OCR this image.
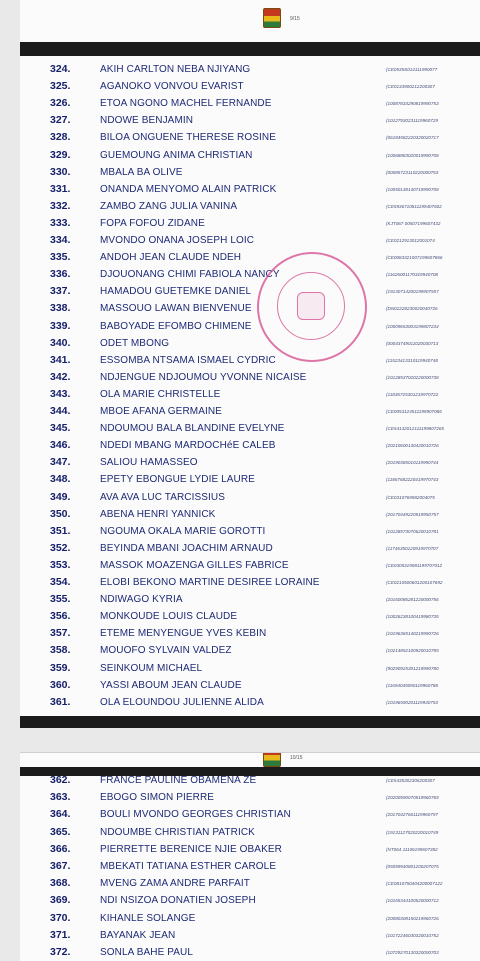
9/15
324.	AKIH CARLTON NEBA NJIYANG	(CE0535S014111990077
325.	AGANOKO VONVOU EVARIST	(CE0133900212200307
326.	ETOA NGONO MACHEL FERNANDE	(10087834290819990753
327.	NDOWE BENJAMIN	(10127930231119960729
328.	BILOA ONGUENE THERESE ROSINE	(06184582220320020717
329.	GUEMOUNG ANIMA CHRISTIAN	(10068883020019990708
330.	MBALA BA OLIVE	(00085723110220000753
331.	ONANDA MENYOMO ALAIN PATRICK	(10050138140719990708
332.	ZAMBO ZANG JULIA VANINA	(CE5936710811199407602
333.	FOPA FOFOU ZIDANE	(KJT067 00507199607432
334.	MVONDO ONANA JOSEPH LOIC	(CE0212913012001074
335.	ANDOH JEAN CLAUDE NDEH	(CE0083321007199607866
336.	DJOUONANG CHIMI FABIOLA NANCY	(11626001170319940708
337.	HAMADOU GUETEMKE DANIEL	(19130714200199907557
338.	MASSOUO LAWAN BIENVENUE	(DN02228230020040726
339.	BABOYADE EFOMBO CHIMENE	(10009653003199807234
340.	ODET MBONG	(00043749011020030713
341.	ESSOMBA NTSAMA ISMAEL CYDRIC	(11523413310119940748
342.	NDJENGUE NDJOUMOU YVONNE NICAISE	(10128537020220000738
343.	OLA MARIE CHRISTELLE	(11836725301219970722
344.	MBOE AFANA GERMAINE	(CE0053124511199907086
345.	NDOUMOU BALA BLANDINE EVELYNE	(CE54132012111199807265
346.	NDEDI MBANG MARDOCHéE CALEB	(20210600130420010726
347.	SALIOU HAMASSEO	(20190385010119990744
348.	EPETY EBONGUE LYDIE LAURE	(11867682220419970743
349.	AVA AVA LUC TARCISSIUS	(CE0310769982004075
350.	ABENA HENRI YANNICK	(20170449220519950757
351.	NGOUMA OKALA MARIE GOROTTI	(10128573070620010781
352.	BEYINDA MBANI JOACHIM ARNAUD	(11746350120919970707
353.	MASSOK MOAZENGA GILLES FABRICE	(CE0305319081199707012
354.	ELOBI BEKONO MARTINE DESIREE LORAINE	(CE0210500601200107692
355.	NDIWAGO KYRIA	(20160086281220000756
356.	MONKOUDE LOUIS CLAUDE	(10026238100419980735
357.	ETEME MENYENGUE YVES KEBIN	(10196365140219990726
358.	MOUOFO SYLVAIN VALDEZ	(10214852100920010785
359.	SEINKOUM MICHAEL	(90290925301219990780
360.	YASSI ABOUM JEAN CLAUDE	(11694045090119960788
361.	OLA ELOUNDOU JULIENNE ALIDA	(10196590201119930753
10/15
362.	FRANCE PAULINE OBAMENA ZE	(CE5435302306200307
363.	EBOGO SIMON PIERRE	(20200590070519960765
364.	BOULI MVONDO GEORGES CHRISTIAN	(20170427661119960797
365.	NDOUMBE CHRISTIAN PATRICK	(19131127020220010749
366.	PIERRETTE BERENICE NJIE OBAKER	(NT064 11106199607382
367.	MBEKATI TATIANA ESTHER CAROLE	(05059940801200207075
368.	MVENG ZAMA ANDRE PARFAIT	(CE0810750404200007122
369.	NDI NSIZOA DONATIEN JOSEPH	(10165344100520000712
370.	KIHANLE SOLANGE	(20080308150219960726
371.	BAYANAK JEAN	(10172246030320010752
372.	SONLA BAHE PAUL	(10729270130320000703
